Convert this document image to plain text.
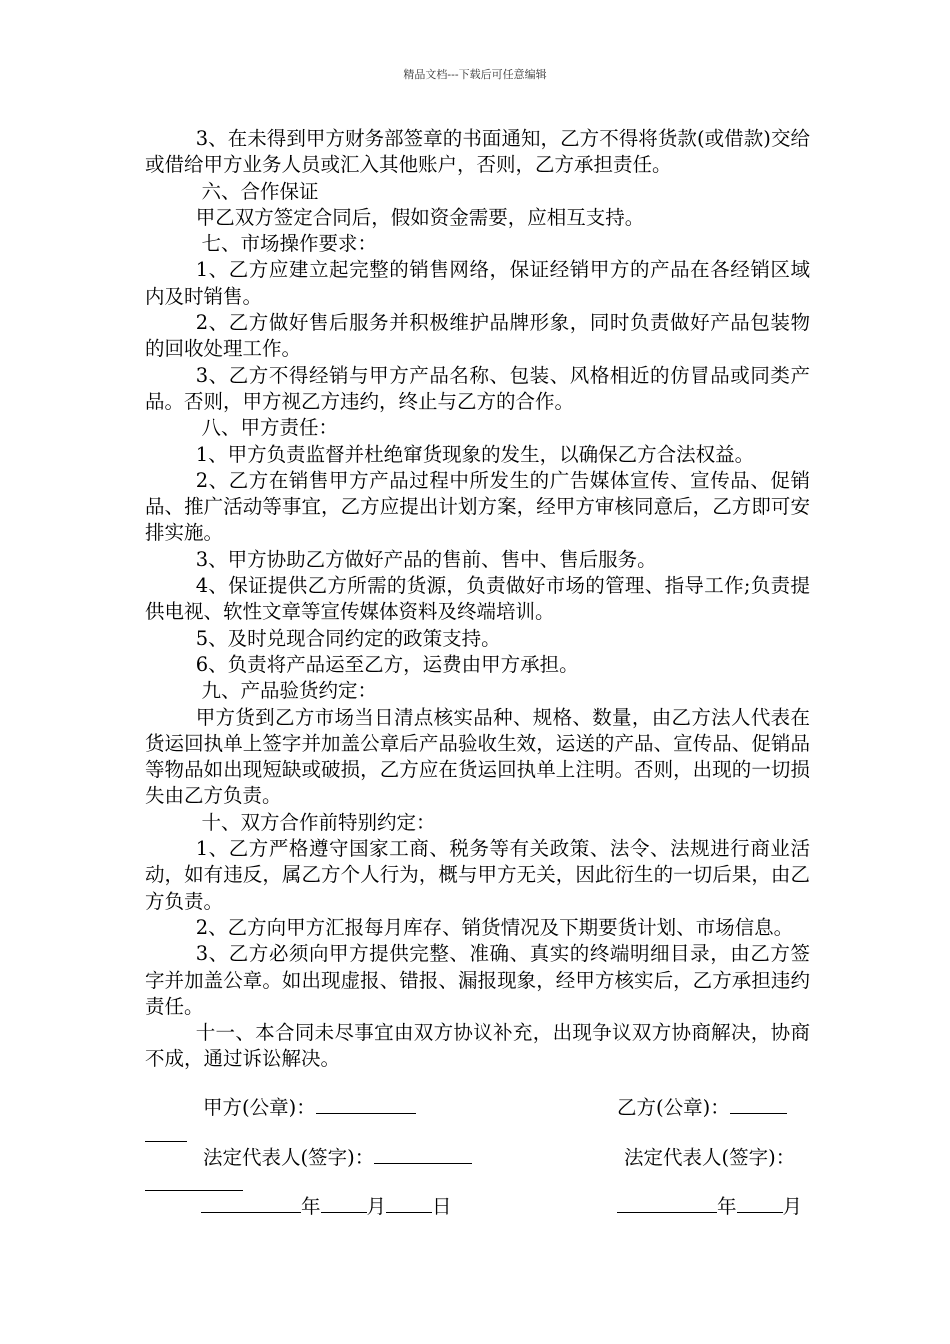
精品文档---下载后可任意编辑

3、在未得到甲方财务部签章的书面通知，乙方不得将货款(或借款)交给或借给甲方业务人员或汇入其他账户，否则，乙方承担责任。

六、合作保证

甲乙双方签定合同后，假如资金需要，应相互支持。

七、市场操作要求：

1、乙方应建立起完整的销售网络，保证经销甲方的产品在各经销区域内及时销售。

2、乙方做好售后服务并积极维护品牌形象，同时负责做好产品包装物的回收处理工作。

3、乙方不得经销与甲方产品名称、包装、风格相近的仿冒品或同类产品。否则，甲方视乙方违约，终止与乙方的合作。

八、甲方责任：

1、甲方负责监督并杜绝窜货现象的发生，以确保乙方合法权益。

2、乙方在销售甲方产品过程中所发生的广告媒体宣传、宣传品、促销品、推广活动等事宜，乙方应提出计划方案，经甲方审核同意后，乙方即可安排实施。

3、甲方协助乙方做好产品的售前、售中、售后服务。

4、保证提供乙方所需的货源，负责做好市场的管理、指导工作;负责提供电视、软性文章等宣传媒体资料及终端培训。

5、及时兑现合同约定的政策支持。

6、负责将产品运至乙方，运费由甲方承担。

九、产品验货约定：

甲方货到乙方市场当日清点核实品种、规格、数量，由乙方法人代表在货运回执单上签字并加盖公章后产品验收生效，运送的产品、宣传品、促销品等物品如出现短缺或破损，乙方应在货运回执单上注明。否则，出现的一切损失由乙方负责。

十、双方合作前特别约定：

1、乙方严格遵守国家工商、税务等有关政策、法令、法规进行商业活动，如有违反，属乙方个人行为，概与甲方无关，因此衍生的一切后果，由乙方负责。

2、乙方向甲方汇报每月库存、销货情况及下期要货计划、市场信息。

3、乙方必须向甲方提供完整、准确、真实的终端明细目录，由乙方签字并加盖公章。如出现虚报、错报、漏报现象，经甲方核实后，乙方承担违约责任。

十一、本合同未尽事宜由双方协议补充，出现争议双方协商解决，协商不成，通过诉讼解决。

甲方(公章)：	乙方(公章)：
法定代表人(签字)：	法定代表人(签字)：
年 月 日	年 月
